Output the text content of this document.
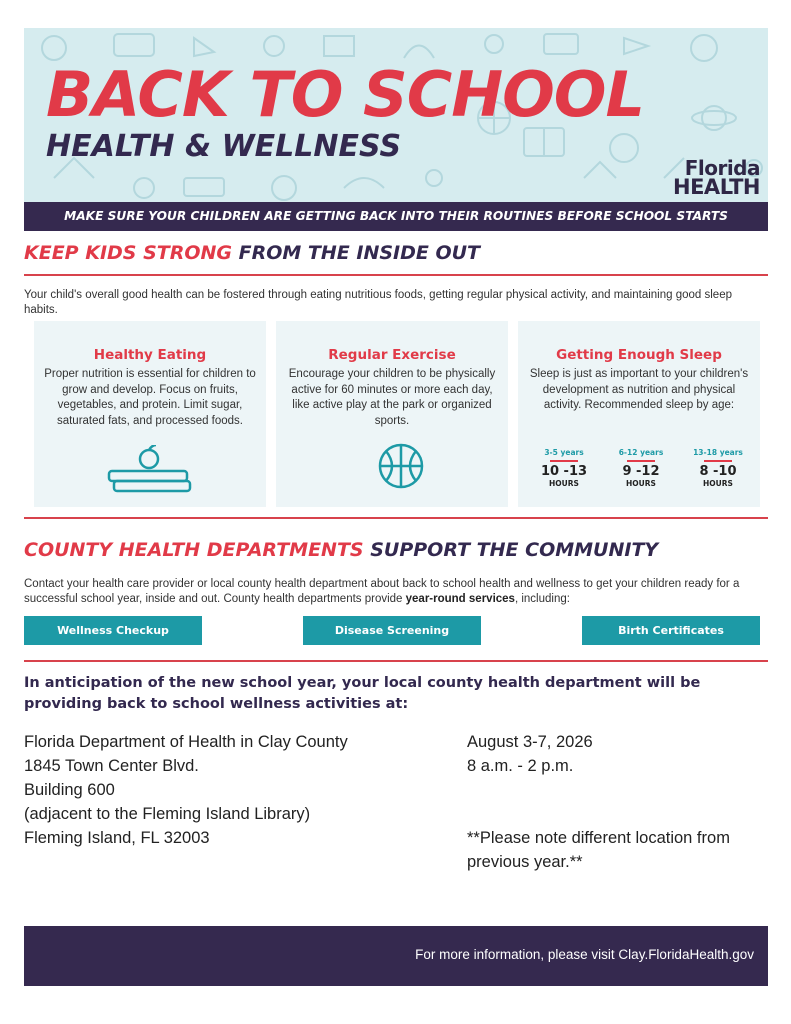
BACK TO SCHOOL
HEALTH & WELLNESS
Florida
HEALTH
MAKE SURE YOUR CHILDREN ARE GETTING BACK INTO THEIR ROUTINES BEFORE SCHOOL STARTS
KEEP KIDS STRONG FROM THE INSIDE OUT
Your child's overall good health can be fostered through eating nutritious foods, getting regular physical activity, and maintaining good sleep habits.
Healthy Eating
Proper nutrition is essential for children to grow and develop. Focus on fruits, vegetables, and protein. Limit sugar, saturated fats, and processed foods.
Regular Exercise
Encourage your children to be physically active for 60 minutes or more each day, like active play at the park or organized sports.
Getting Enough Sleep
Sleep is just as important to your children's development as nutrition and physical activity. Recommended sleep by age:
3-5 years
10 -13
HOURS
6-12 years
9 -12
HOURS
13-18 years
8 -10
HOURS
COUNTY HEALTH DEPARTMENTS SUPPORT THE COMMUNITY
Contact your health care provider or local county health department about back to school health and wellness to get your children ready for a successful school year, inside and out. County health departments provide year-round services, including:
Wellness Checkup	Disease Screening	Birth Certificates
In anticipation of the new school year, your local county health department will be providing back to school wellness activities at:
Florida Department of Health in Clay County
1845 Town Center Blvd.
Building 600
(adjacent to the Fleming Island Library)
Fleming Island, FL 32003
August 3-7, 2026
8 a.m. - 2 p.m.
**Please note different location from previous year.**
For more information, please visit Clay.FloridaHealth.gov
